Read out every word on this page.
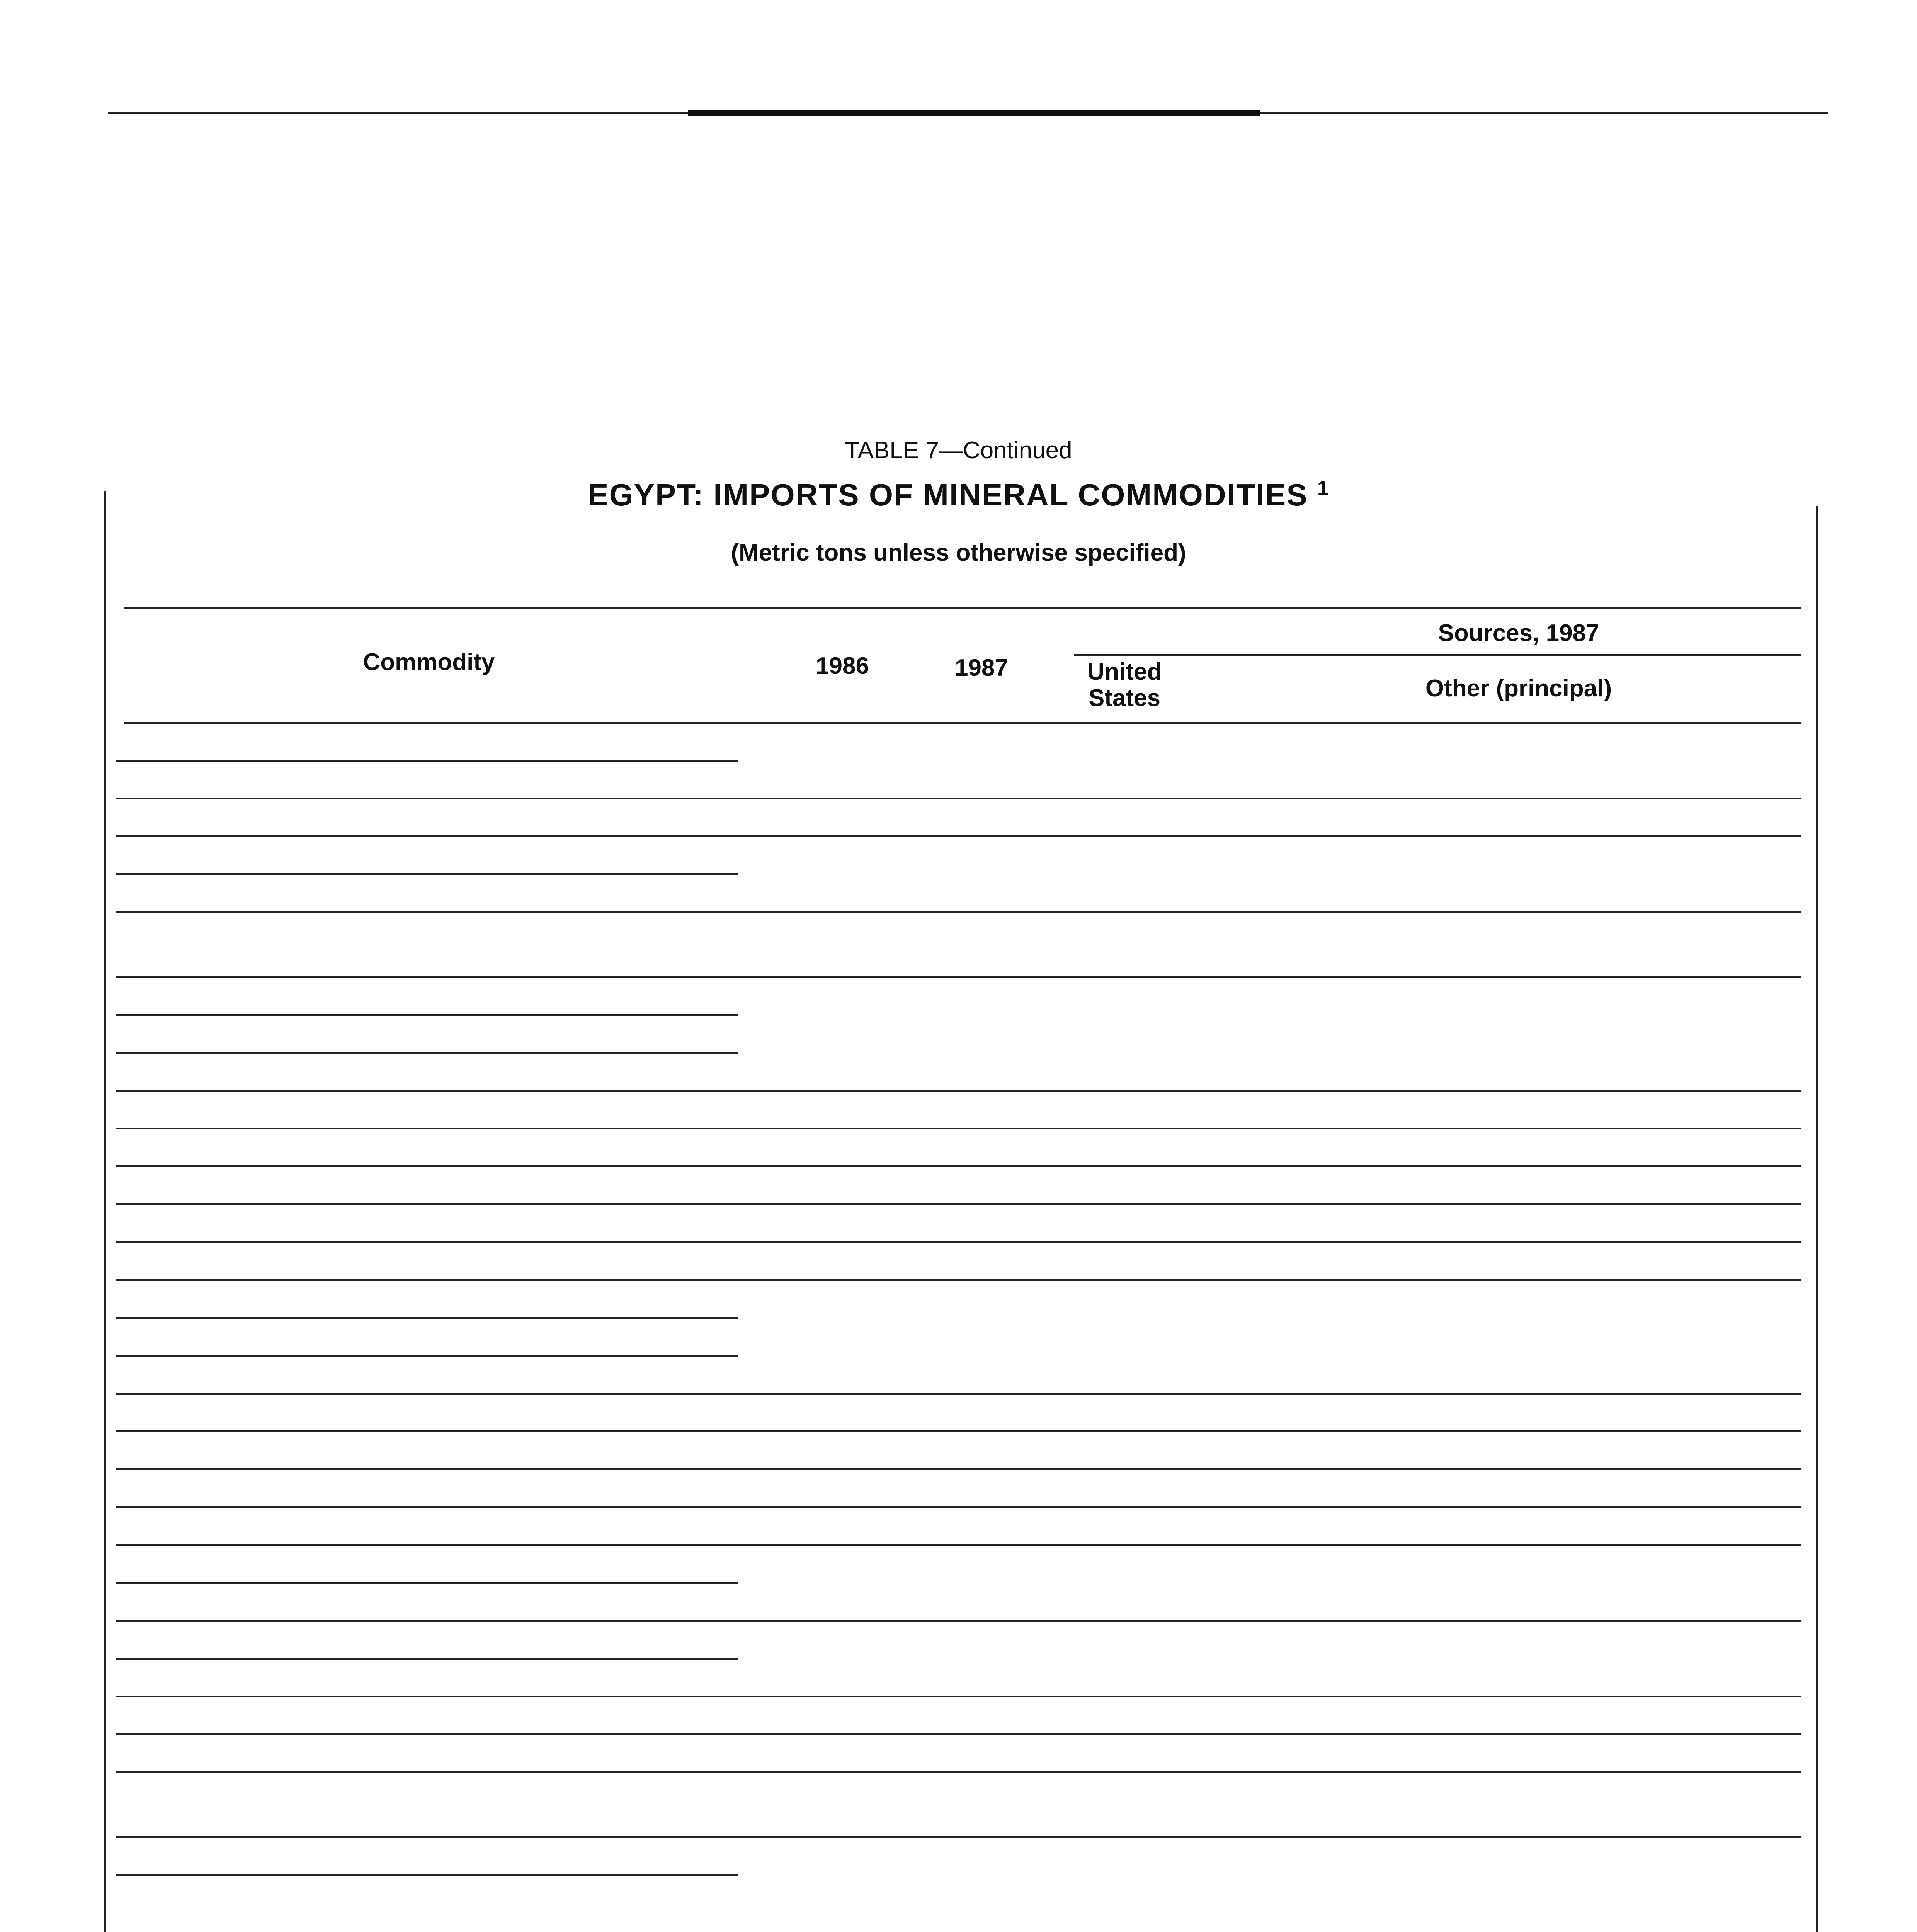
TABLE 7—Continued
EGYPT: IMPORTS OF MINERAL COMMODITIES $^1$
(Metric tons unless otherwise specified)
Commodity	1986	1987
Sources, 1987
United States	Other (principal)
